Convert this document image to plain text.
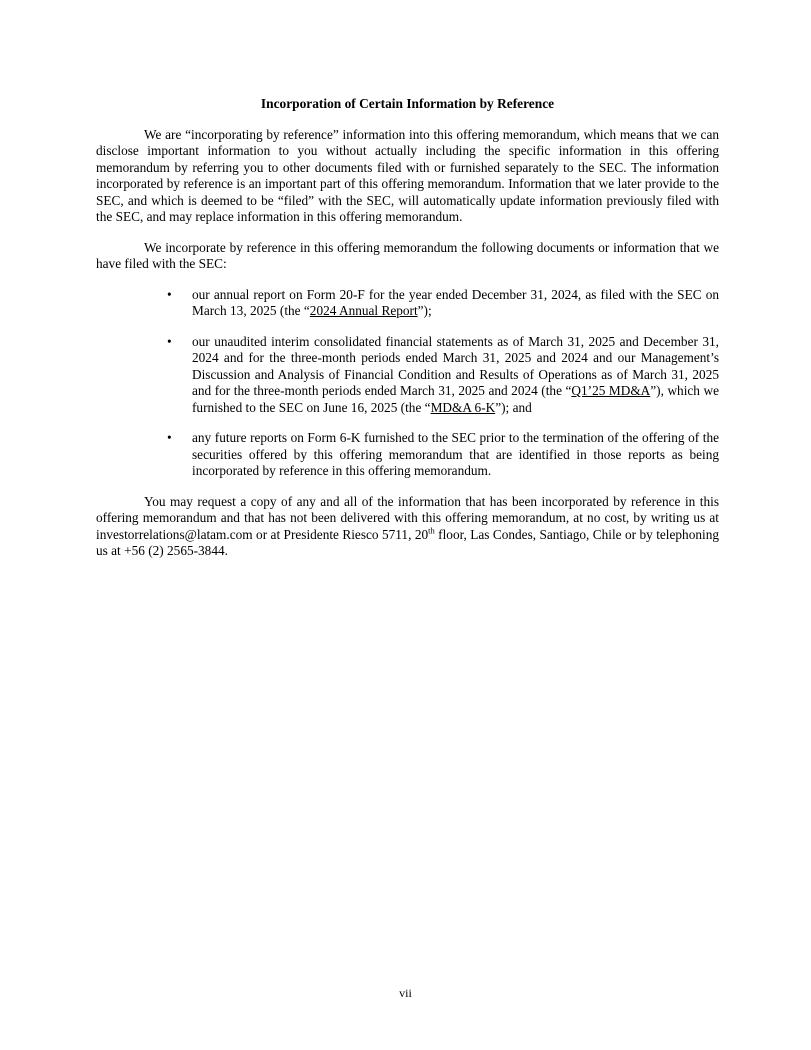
Incorporation of Certain Information by Reference

We are “incorporating by reference” information into this offering memorandum, which means that we can disclose important information to you without actually including the specific information in this offering memorandum by referring you to other documents filed with or furnished separately to the SEC. The information incorporated by reference is an important part of this offering memorandum. Information that we later provide to the SEC, and which is deemed to be “filed” with the SEC, will automatically update information previously filed with the SEC, and may replace information in this offering memorandum.

We incorporate by reference in this offering memorandum the following documents or information that we have filed with the SEC:

• our annual report on Form 20-F for the year ended December 31, 2024, as filed with the SEC on March 13, 2025 (the “2024 Annual Report”);
• our unaudited interim consolidated financial statements as of March 31, 2025 and December 31, 2024 and for the three-month periods ended March 31, 2025 and 2024 and our Management’s Discussion and Analysis of Financial Condition and Results of Operations as of March 31, 2025 and for the three-month periods ended March 31, 2025 and 2024 (the “Q1’25 MD&A”), which we furnished to the SEC on June 16, 2025 (the “MD&A 6-K”); and
• any future reports on Form 6-K furnished to the SEC prior to the termination of the offering of the securities offered by this offering memorandum that are identified in those reports as being incorporated by reference in this offering memorandum.

You may request a copy of any and all of the information that has been incorporated by reference in this offering memorandum and that has not been delivered with this offering memorandum, at no cost, by writing us at investorrelations@latam.com or at Presidente Riesco 5711, 20th floor, Las Condes, Santiago, Chile or by telephoning us at +56 (2) 2565-3844.

vii
